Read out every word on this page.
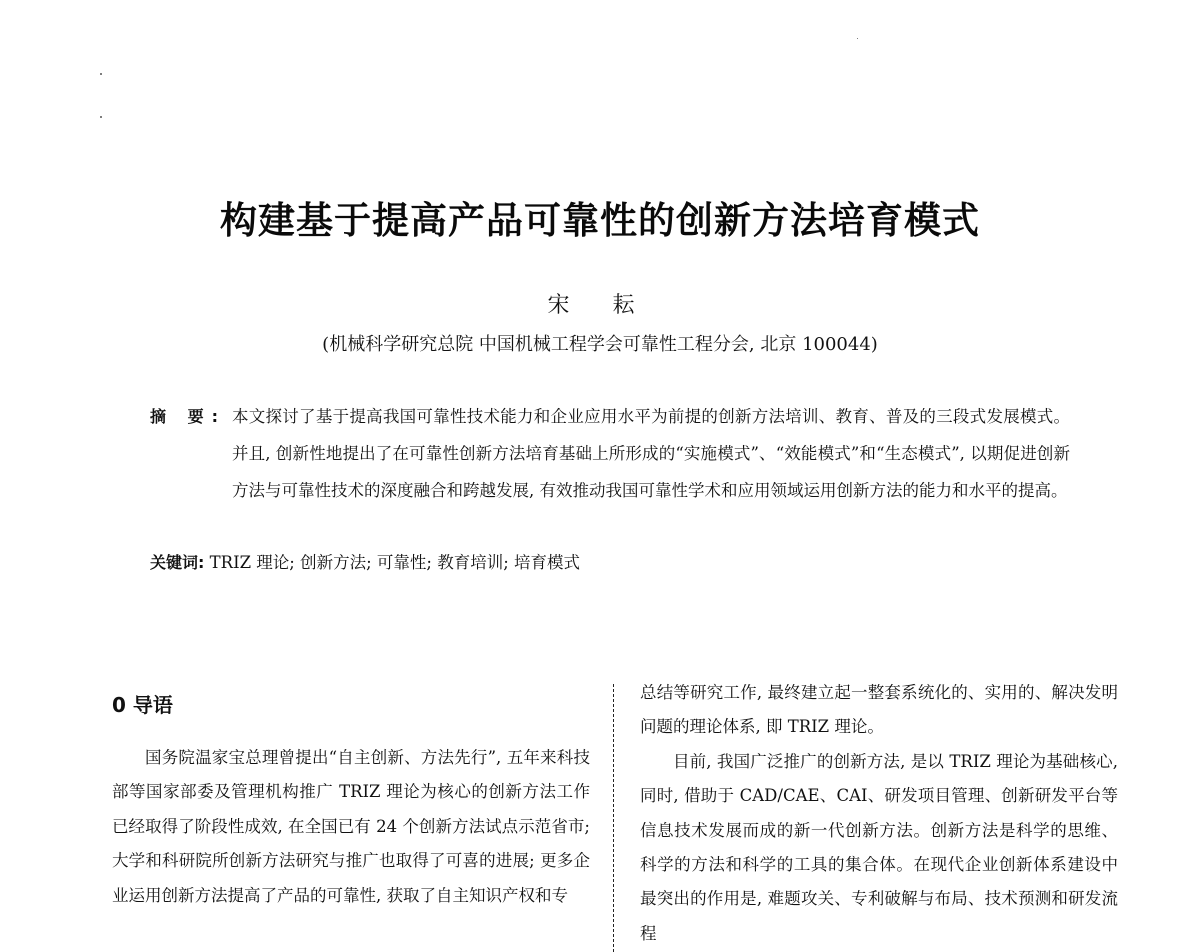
构建基于提高产品可靠性的创新方法培育模式
宋 耘
(机械科学研究总院 中国机械工程学会可靠性工程分会, 北京 100044)
摘 要: 本文探讨了基于提高我国可靠性技术能力和企业应用水平为前提的创新方法培训、教育、普及的三段式发展模式。并且, 创新性地提出了在可靠性创新方法培育基础上所形成的“实施模式”、“效能模式”和“生态模式”, 以期促进创新方法与可靠性技术的深度融合和跨越发展, 有效推动我国可靠性学术和应用领域运用创新方法的能力和水平的提高。
关键词: TRIZ 理论; 创新方法; 可靠性; 教育培训; 培育模式
0 导语

国务院温家宝总理曾提出“自主创新、方法先行”, 五年来科技部等国家部委及管理机构推广 TRIZ 理论为核心的创新方法工作已经取得了阶段性成效, 在全国已有 24 个创新方法试点示范省市; 大学和科研院所创新方法研究与推广也取得了可喜的进展; 更多企业运用创新方法提高了产品的可靠性, 获取了自主知识产权和专

总结等研究工作, 最终建立起一整套系统化的、实用的、解决发明问题的理论体系, 即 TRIZ 理论。

目前, 我国广泛推广的创新方法, 是以 TRIZ 理论为基础核心, 同时, 借助于 CAD/CAE、CAI、研发项目管理、创新研发平台等信息技术发展而成的新一代创新方法。创新方法是科学的思维、科学的方法和科学的工具的集合体。在现代企业创新体系建设中最突出的作用是, 难题攻关、专利破解与布局、技术预测和研发流程
